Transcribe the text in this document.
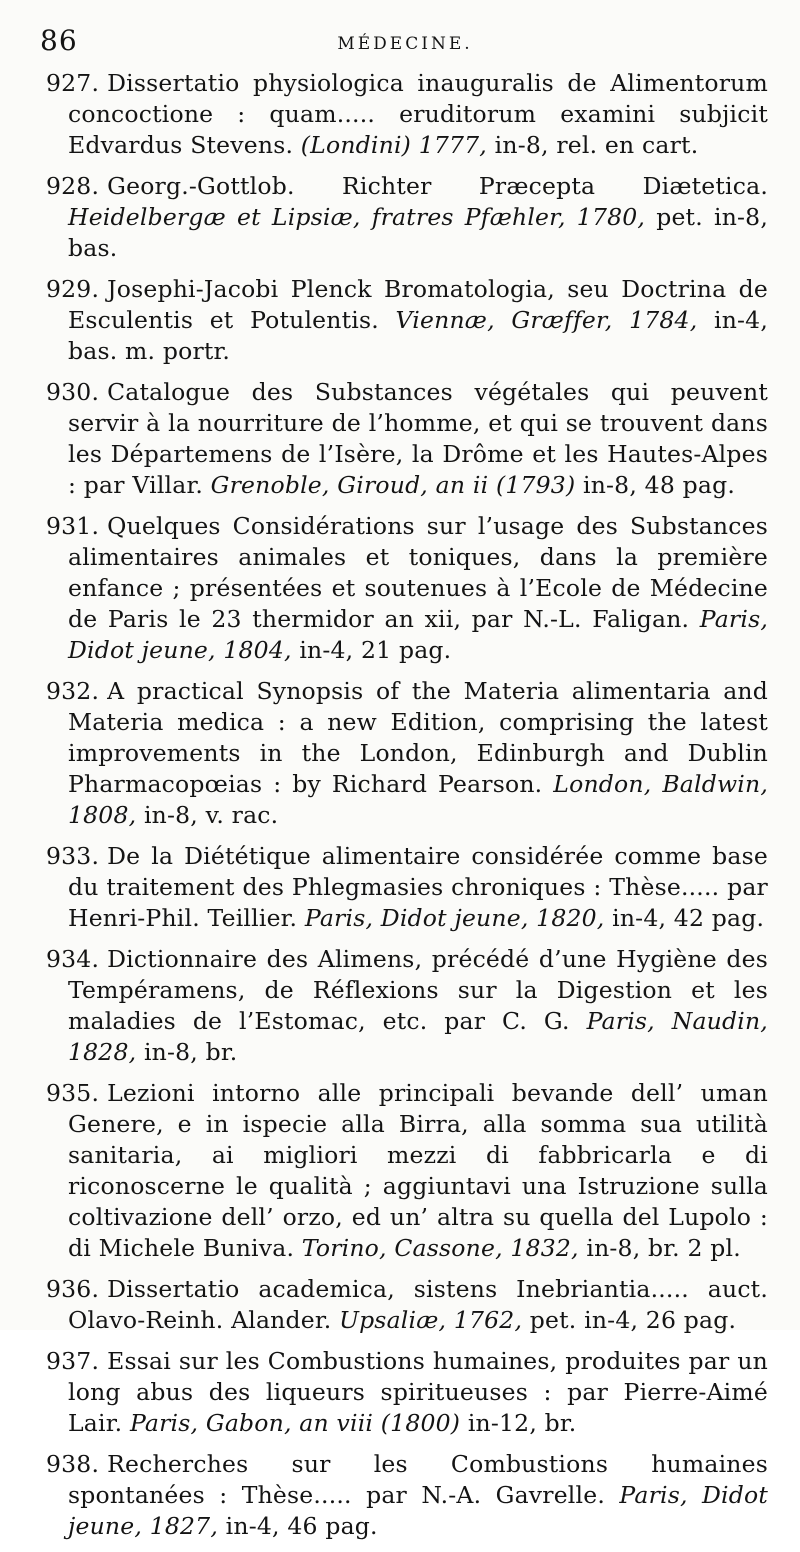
86	MÉDECINE.

927. Dissertatio physiologica inauguralis de Alimentorum concoctione : quam..... eruditorum examini subjicit Edvardus Stevens. (Londini) 1777, in-8, rel. en cart.

928. Georg.-Gottlob. Richter Præcepta Diætetica. Heidelbergæ et Lipsiæ, fratres Pfæhler, 1780, pet. in-8, bas.

929. Josephi-Jacobi Plenck Bromatologia, seu Doctrina de Esculentis et Potulentis. Viennæ, Græffer, 1784, in-4, bas. m. portr.

930. Catalogue des Substances végétales qui peuvent servir à la nourriture de l’homme, et qui se trouvent dans les Départemens de l’Isère, la Drôme et les Hautes-Alpes : par Villar. Grenoble, Giroud, an ii (1793) in-8, 48 pag.

931. Quelques Considérations sur l’usage des Substances alimentaires animales et toniques, dans la première enfance ; présentées et soutenues à l’Ecole de Médecine de Paris le 23 thermidor an xii, par N.-L. Faligan. Paris, Didot jeune, 1804, in-4, 21 pag.

932. A practical Synopsis of the Materia alimentaria and Materia medica : a new Edition, comprising the latest improvements in the London, Edinburgh and Dublin Pharmacopœias : by Richard Pearson. London, Baldwin, 1808, in-8, v. rac.

933. De la Diététique alimentaire considérée comme base du traitement des Phlegmasies chroniques : Thèse..... par Henri-Phil. Teillier. Paris, Didot jeune, 1820, in-4, 42 pag.

934. Dictionnaire des Alimens, précédé d’une Hygiène des Tempéramens, de Réflexions sur la Digestion et les maladies de l’Estomac, etc. par C. G. Paris, Naudin, 1828, in-8, br.

935. Lezioni intorno alle principali bevande dell’ uman Genere, e in ispecie alla Birra, alla somma sua utilità sanitaria, ai migliori mezzi di fabbricarla e di riconoscerne le qualità ; aggiuntavi una Istruzione sulla coltivazione dell’ orzo, ed un’ altra su quella del Lupolo : di Michele Buniva. Torino, Cassone, 1832, in-8, br. 2 pl.

936. Dissertatio academica, sistens Inebriantia..... auct. Olavo-Reinh. Alander. Upsaliæ, 1762, pet. in-4, 26 pag.

937. Essai sur les Combustions humaines, produites par un long abus des liqueurs spiritueuses : par Pierre-Aimé Lair. Paris, Gabon, an viii (1800) in-12, br.

938. Recherches sur les Combustions humaines spontanées : Thèse..... par N.-A. Gavrelle. Paris, Didot jeune, 1827, in-4, 46 pag.
